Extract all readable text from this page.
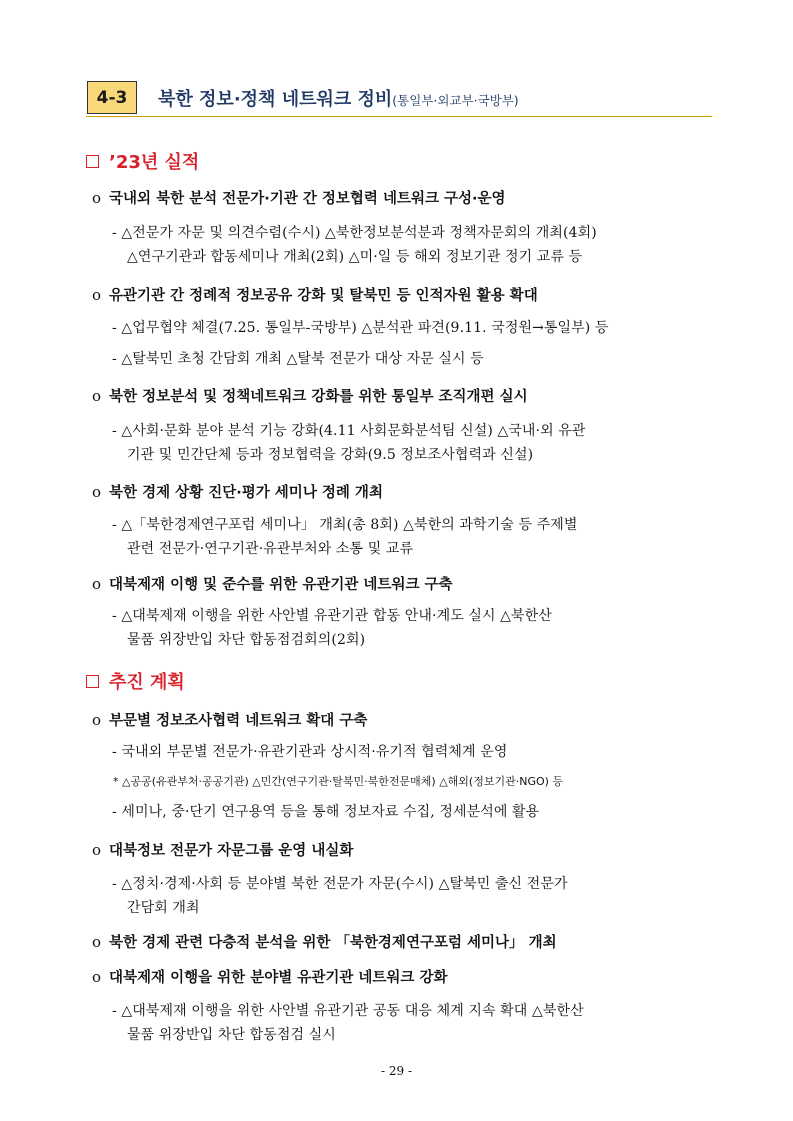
4-3	북한 정보·정책 네트워크 정비(통일부·외교부·국방부)
’23년 실적
o 국내외 북한 분석 전문가·기관 간 정보협력 네트워크 구성·운영
- △전문가 자문 및 의견수렴(수시) △북한정보분석분과 정책자문회의 개최(4회)
△연구기관과 합동세미나 개최(2회) △미·일 등 해외 정보기관 정기 교류 등
o 유관기관 간 정례적 정보공유 강화 및 탈북민 등 인적자원 활용 확대
- △업무협약 체결(7.25. 통일부-국방부) △분석관 파견(9.11. 국정원→통일부) 등
- △탈북민 초청 간담회 개최 △탈북 전문가 대상 자문 실시 등
o 북한 정보분석 및 정책네트워크 강화를 위한 통일부 조직개편 실시
- △사회·문화 분야 분석 기능 강화(4.11 사회문화분석팀 신설) △국내·외 유관
기관 및 민간단체 등과 정보협력을 강화(9.5 정보조사협력과 신설)
o 북한 경제 상황 진단·평가 세미나 정례 개최
- △「북한경제연구포럼 세미나」 개최(총 8회) △북한의 과학기술 등 주제별
관련 전문가·연구기관·유관부처와 소통 및 교류
o 대북제재 이행 및 준수를 위한 유관기관 네트워크 구축
- △대북제재 이행을 위한 사안별 유관기관 합동 안내·계도 실시 △북한산
물품 위장반입 차단 합동점검회의(2회)
추진 계획
o 부문별 정보조사협력 네트워크 확대 구축
- 국내외 부문별 전문가·유관기관과 상시적·유기적 협력체계 운영
* △공공(유관부처·공공기관) △민간(연구기관·탈북민·북한전문매체) △해외(정보기관·NGO) 등
- 세미나, 중·단기 연구용역 등을 통해 정보자료 수집, 정세분석에 활용
o 대북정보 전문가 자문그룹 운영 내실화
- △정치·경제·사회 등 분야별 북한 전문가 자문(수시) △탈북민 출신 전문가
간담회 개최
o 북한 경제 관련 다층적 분석을 위한 「북한경제연구포럼 세미나」 개최
o 대북제재 이행을 위한 분야별 유관기관 네트워크 강화
- △대북제재 이행을 위한 사안별 유관기관 공동 대응 체계 지속 확대 △북한산
물품 위장반입 차단 합동점검 실시
- 29 -
